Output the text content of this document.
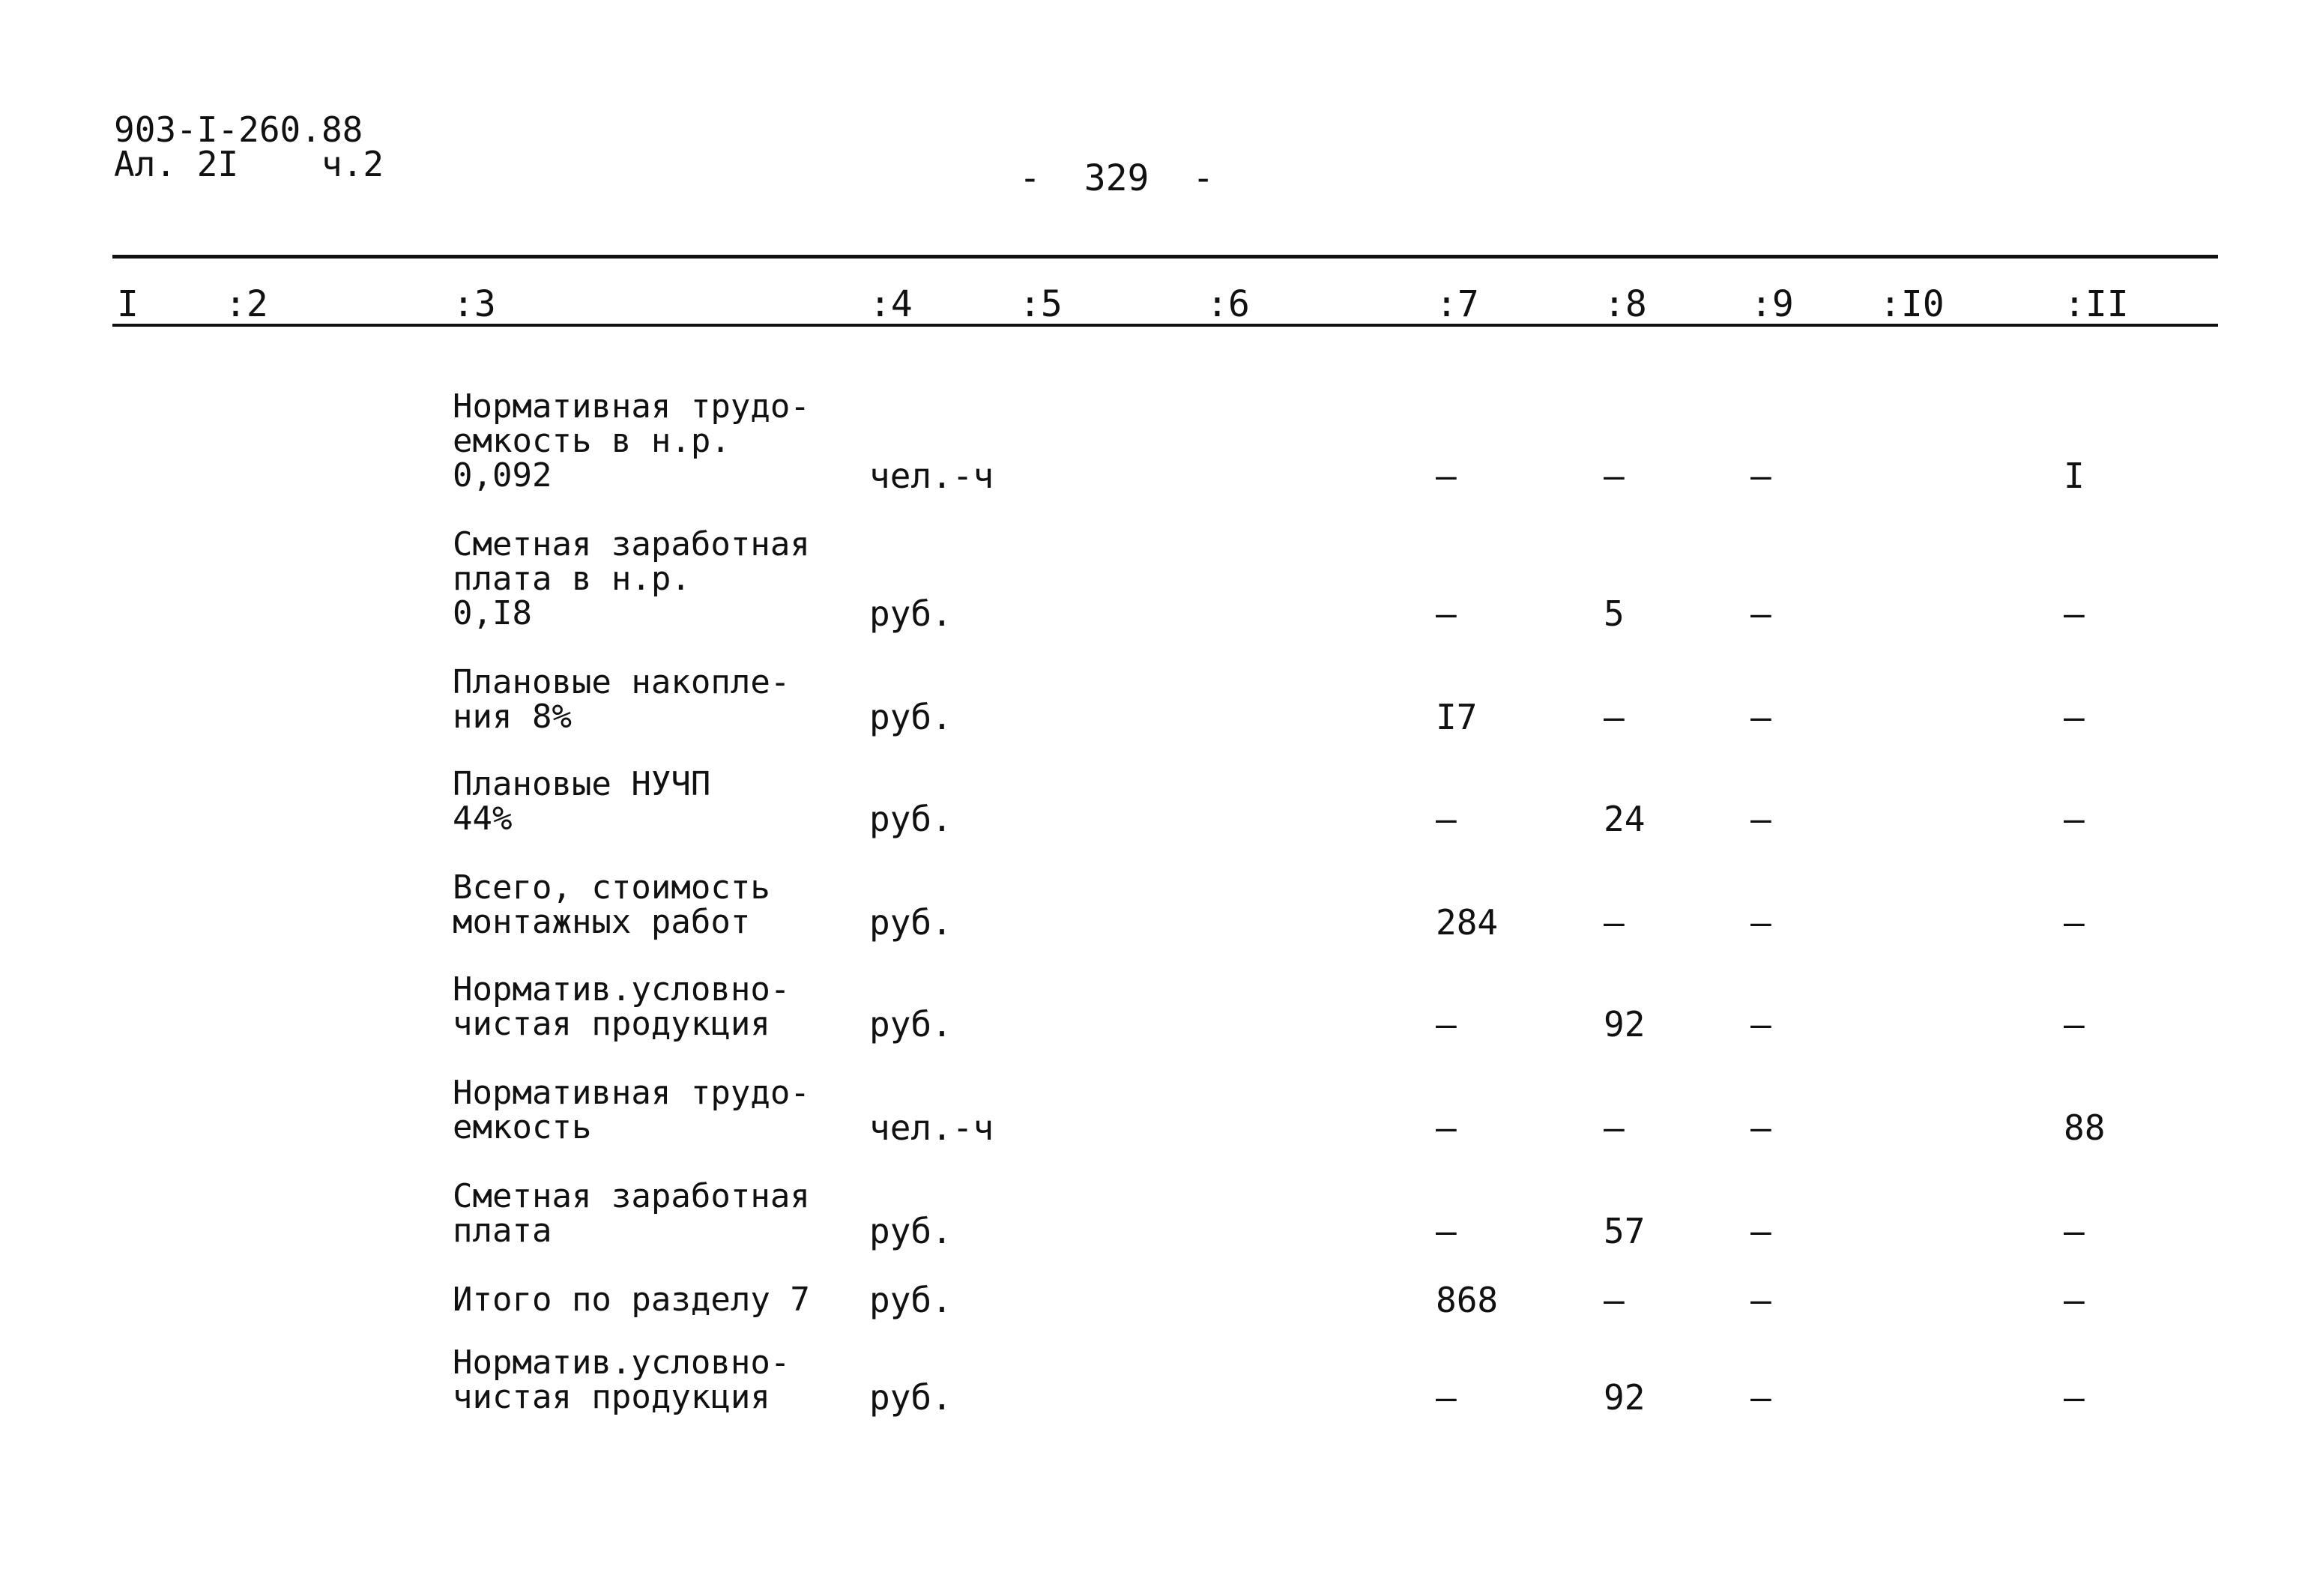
903-I-260.88
Ал. 2I    ч.2	-  329  -
I :2	:3	:4	:5	:6	:7	:8	:9 :I0	:II
Нормативная трудо-
емкость в н.р.
0,092	чел.-ч	–	–	–	I
Сметная заработная
плата в н.р.
0,I8	руб.	–	5	–	–
Плановые накопле-
ния 8%	руб.	I7	–	–	–
Плановые НУЧП
44%	руб.	–	24	–	–
Всего, стоимость
монтажных работ	руб.	284	–	–	–
Норматив.условно-
чистая продукция	руб.	–	92	–	–
Нормативная трудо-
емкость	чел.-ч	–	–	–	88
Сметная заработная
плата	руб.	–	57	–	–
Итого по разделу 7 руб.	868	–	–	–
Норматив.условно-
чистая продукция	руб.	–	92	–	–
